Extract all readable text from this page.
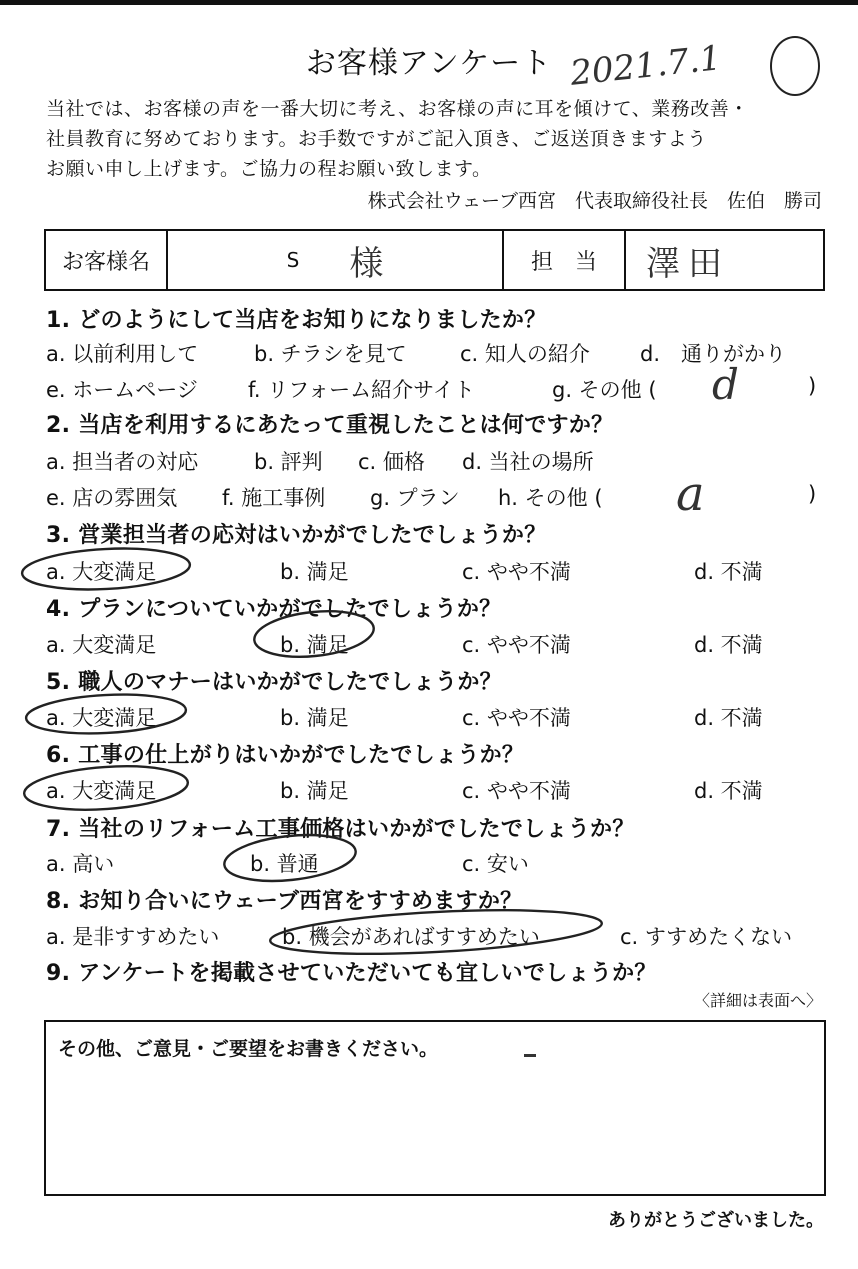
お客様アンケート 2021.7.1
当社では、お客様の声を一番大切に考え、お客様の声に耳を傾けて、業務改善・
社員教育に努めております。お手数ですがご記入頂き、ご返送頂きますよう
お願い申し上げます。ご協力の程お願い致します。
株式会社ウェーブ西宮　代表取締役社長　佐伯　勝司
お客様名	S 様	担　当	澤田
1. どのようにして当店をお知りになりましたか？
a. 以前利用して	b. チラシを見て	c. 知人の紹介 d.　通りがかり
e. ホームページ f. リフォーム紹介サイト	g. その他 (	)
d
2. 当店を利用するにあたって重視したことは何ですか？
a. 担当者の対応	b. 評判 c. 価格 d. 当社の場所
e. 店の雰囲気 f. 施工事例 g. プラン h. その他 (	)
a
3. 営業担当者の応対はいかがでしたでしょうか？
a. 大変満足	b. 満足	c. やや不満	d. 不満
4. プランについていかがでしたでしょうか？
a. 大変満足	b. 満足	c. やや不満	d. 不満
5. 職人のマナーはいかがでしたでしょうか？
a. 大変満足	b. 満足	c. やや不満	d. 不満
6. 工事の仕上がりはいかがでしたでしょうか？
a. 大変満足	b. 満足	c. やや不満	d. 不満
7. 当社のリフォーム工事価格はいかがでしたでしょうか？
a. 高い	b. 普通	c. 安い
8. お知り合いにウェーブ西宮をすすめますか？
a. 是非すすめたい	b. 機会があればすすめたい	c. すすめたくない
9. アンケートを掲載させていただいても宜しいでしょうか？
〈詳細は表面へ〉
その他、ご意見・ご要望をお書きください。
ありがとうございました。
